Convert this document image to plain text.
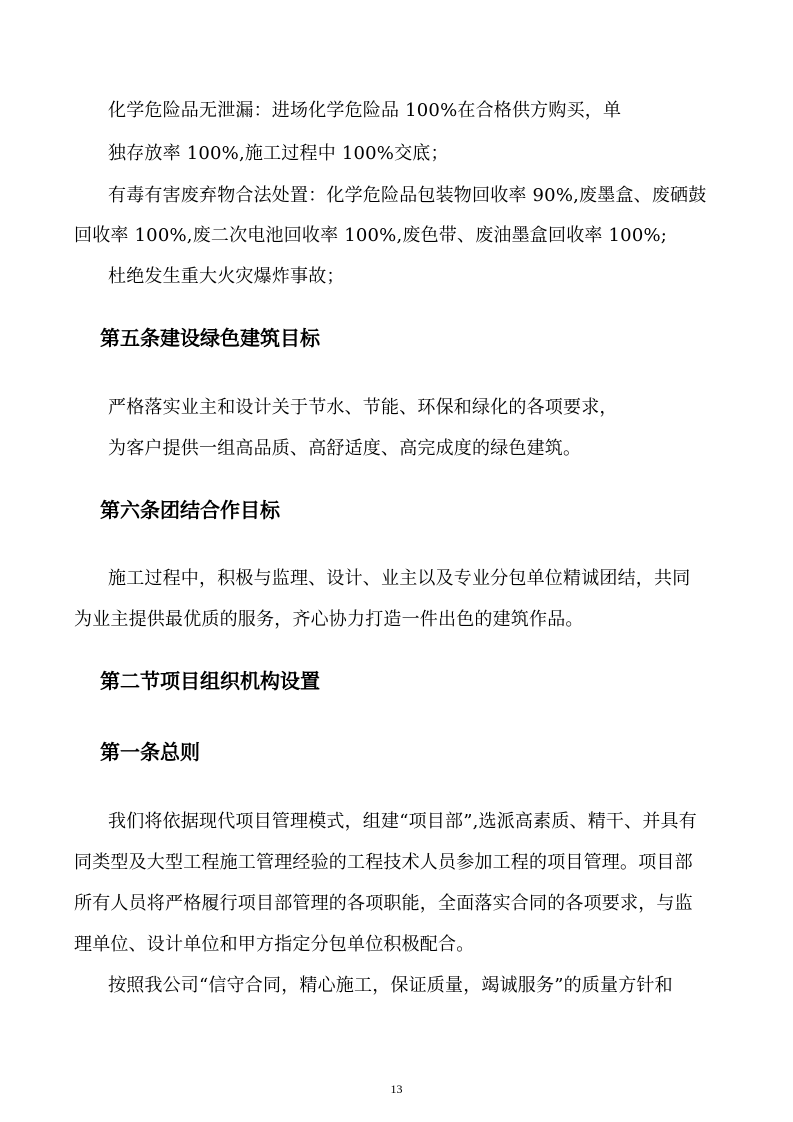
化学危险品无泄漏：进场化学危险品 100%在合格供方购买，单
独存放率 100%,施工过程中 100%交底；
有毒有害废弃物合法处置：化学危险品包装物回收率 90%,废墨盒、废硒鼓
回收率 100%,废二次电池回收率 100%,废色带、废油墨盒回收率 100%;
杜绝发生重大火灾爆炸事故；
第五条建设绿色建筑目标
严格落实业主和设计关于节水、节能、环保和绿化的各项要求，
为客户提供一组高品质、高舒适度、高完成度的绿色建筑。
第六条团结合作目标
施工过程中，积极与监理、设计、业主以及专业分包单位精诚团结，共同
为业主提供最优质的服务，齐心协力打造一件出色的建筑作品。
第二节项目组织机构设置
第一条总则
我们将依据现代项目管理模式，组建“项目部”,选派高素质、精干、并具有
同类型及大型工程施工管理经验的工程技术人员参加工程的项目管理。项目部
所有人员将严格履行项目部管理的各项职能，全面落实合同的各项要求，与监
理单位、设计单位和甲方指定分包单位积极配合。
按照我公司“信守合同，精心施工，保证质量，竭诚服务”的质量方针和
13
